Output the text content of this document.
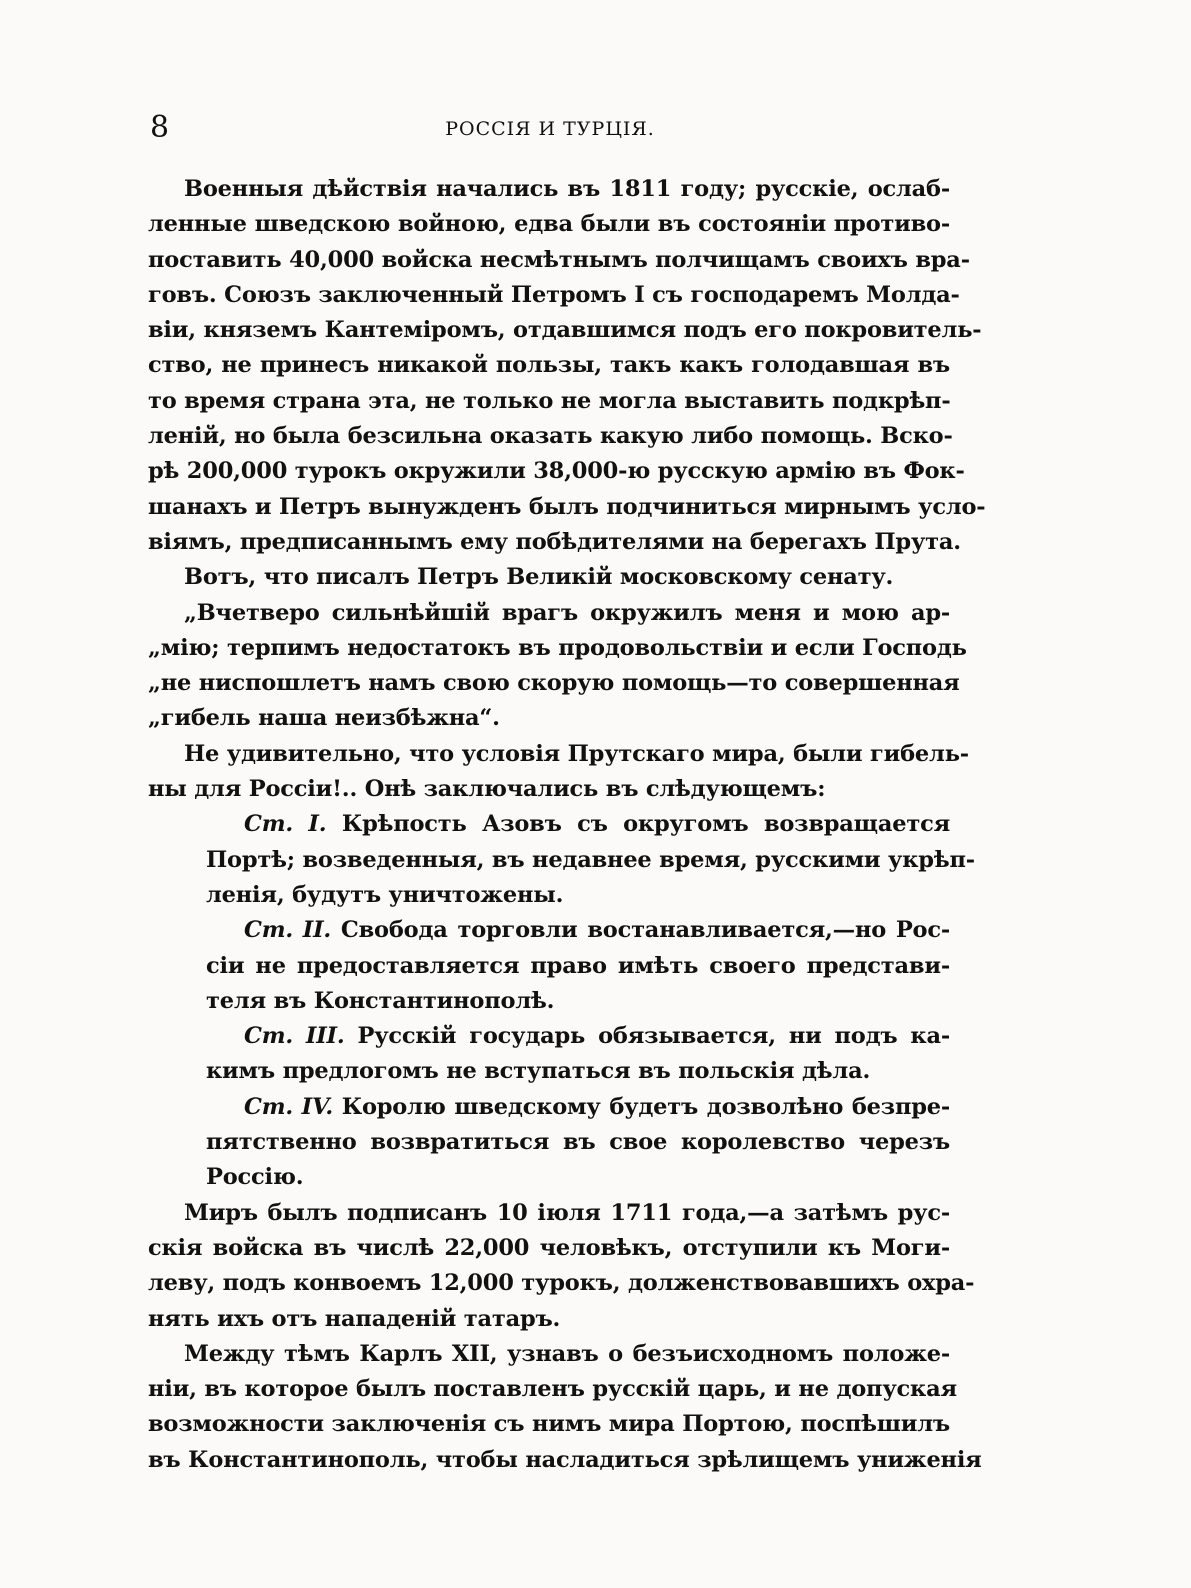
8	РОССІЯ И ТУРЦІЯ.
Военныя дѣйствія начались въ 1811 году; русскіе, ослаб-
ленные шведскою войною, едва были въ состояніи противо-
поставить 40,000 войска несмѣтнымъ полчищамъ своихъ вра-
говъ. Союзъ заключенный Петромъ I съ господаремъ Молда-
віи, княземъ Кантеміромъ, отдавшимся подъ его покровитель-
ство, не принесъ никакой пользы, такъ какъ голодавшая въ
то время страна эта, не только не могла выставить подкрѣп-
леній, но была безсильна оказать какую либо помощь. Вско-
рѣ 200,000 турокъ окружили 38,000-ю русскую армію въ Фок-
шанахъ и Петръ вынужденъ былъ подчиниться мирнымъ усло-
віямъ, предписаннымъ ему побѣдителями на берегахъ Прута.
Вотъ, что писалъ Петръ Великій московскому сенату.
„Вчетверо сильнѣйшій врагъ окружилъ меня и мою ар-
„мію; терпимъ недостатокъ въ продовольствіи и если Господь
„не ниспошлетъ намъ свою скорую помощь—то совершенная
„гибель наша неизбѣжна“.
Не удивительно, что условія Прутскаго мира, были гибель-
ны для Россіи!.. Онѣ заключались въ слѣдующемъ:
Ст. I. Крѣпость Азовъ съ округомъ возвращается
Портѣ; возведенныя, въ недавнее время, русскими укрѣп-
ленія, будутъ уничтожены.
Ст. II. Свобода торговли востанавливается,—но Рос-
сіи не предоставляется право имѣть своего представи-
теля въ Константинополѣ.
Ст. III. Русскій государь обязывается, ни подъ ка-
кимъ предлогомъ не вступаться въ польскія дѣла.
Ст. IV. Королю шведскому будетъ дозволѣно безпре-
пятственно возвратиться въ свое королевство черезъ
Россію.
Миръ былъ подписанъ 10 іюля 1711 года,—а затѣмъ рус-
скія войска въ числѣ 22,000 человѣкъ, отступили къ Моги-
леву, подъ конвоемъ 12,000 турокъ, долженствовавшихъ охра-
нять ихъ отъ нападеній татаръ.
Между тѣмъ Карлъ XII, узнавъ о безъисходномъ положе-
ніи, въ которое былъ поставленъ русскій царь, и не допуская
возможности заключенія съ нимъ мира Портою, поспѣшилъ
въ Константинополь, чтобы насладиться зрѣлищемъ униженія
